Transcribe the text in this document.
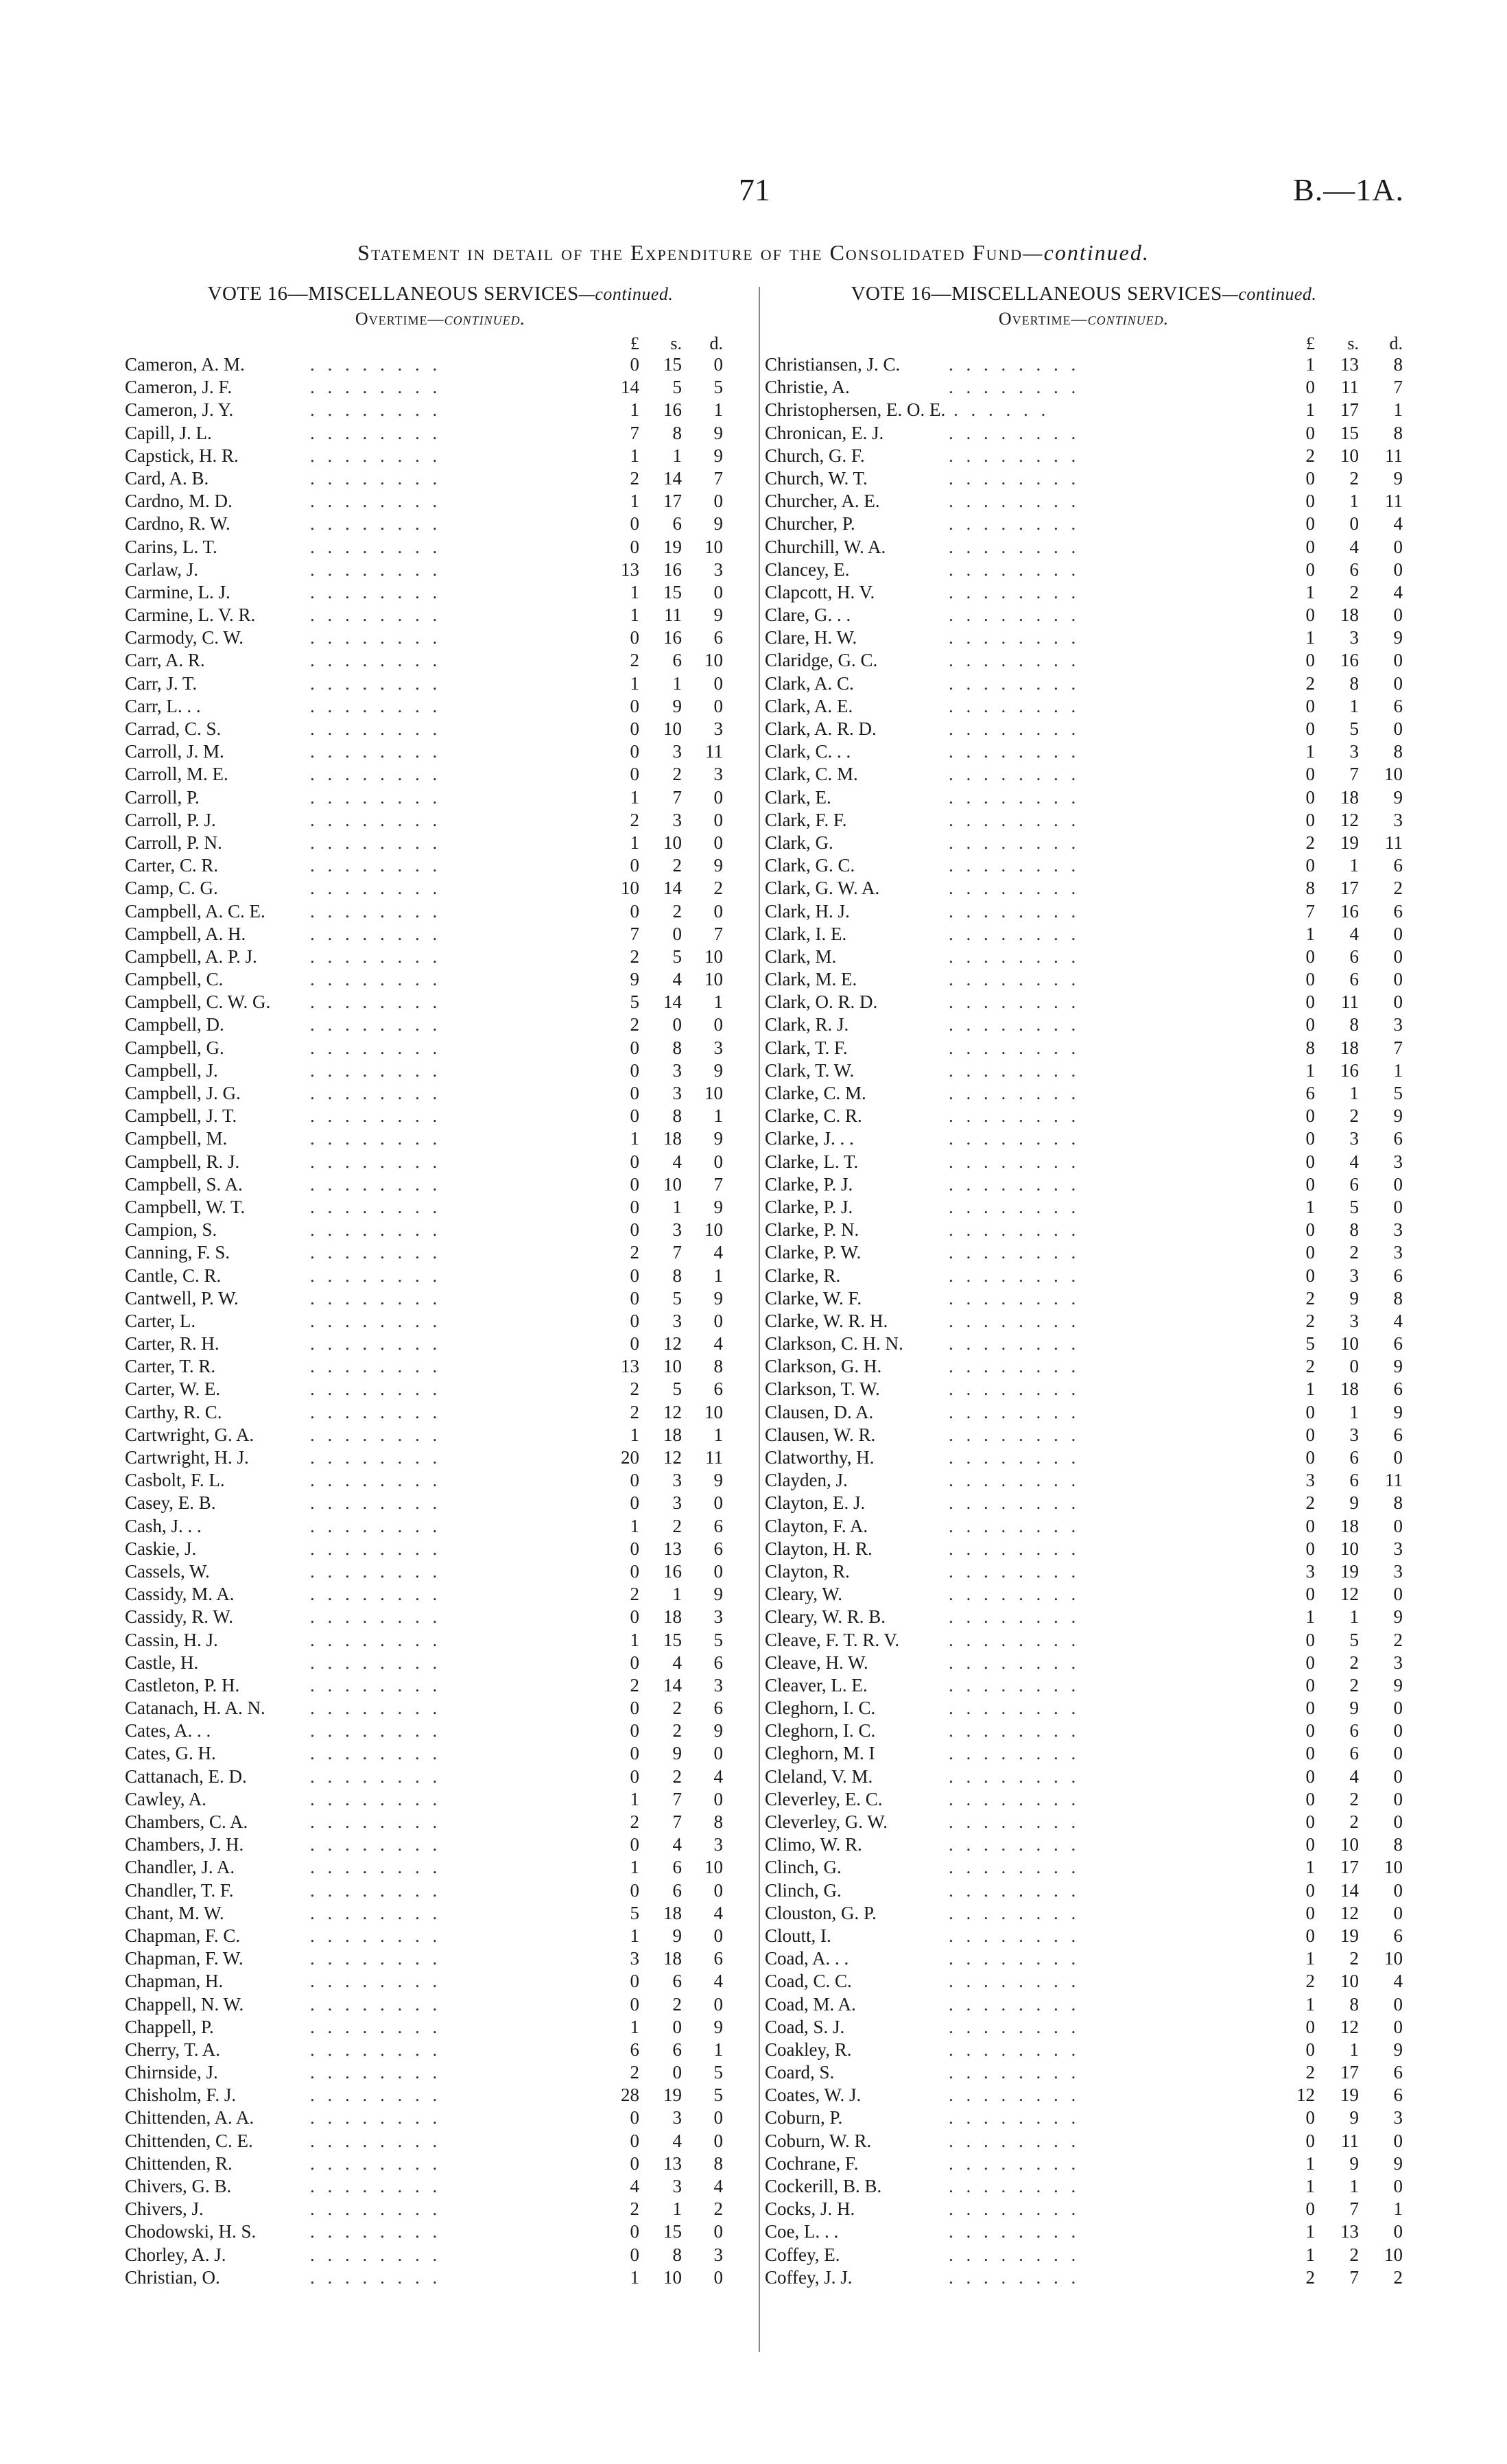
71	B.—1A.
Statement in detail of the Expenditure of the Consolidated Fund—continued.
VOTE 16—MISCELLANEOUS SERVICES—continued.
Overtime—continued.
£	s.	d.
Cameron, A. M.	0	15	0
. . . . . . . .
Cameron, J. F.	14	5	5
. . . . . . . .
Cameron, J. Y.	1	16	1
. . . . . . . .
Capill, J. L.	7	8	9
. . . . . . . .
Capstick, H. R.	1	1	9
. . . . . . . .
Card, A. B.	2	14	7
. . . . . . . .
Cardno, M. D.	1	17	0
. . . . . . . .
Cardno, R. W.	0	6	9
. . . . . . . .
Carins, L. T.	0	19	10
. . . . . . . .
Carlaw, J.	13	16	3
. . . . . . . .
Carmine, L. J.	1	15	0
. . . . . . . .
Carmine, L. V. R.	1	11	9
. . . . . . . .
Carmody, C. W.	0	16	6
. . . . . . . .
Carr, A. R.	2	6	10
. . . . . . . .
Carr, J. T.	1	1	0
. . . . . . . .
Carr, L. . .	0	9	0
. . . . . . . .
Carrad, C. S.	0	10	3
. . . . . . . .
Carroll, J. M.	0	3	11
. . . . . . . .
Carroll, M. E.	0	2	3
. . . . . . . .
Carroll, P.	1	7	0
. . . . . . . .
Carroll, P. J.	2	3	0
. . . . . . . .
Carroll, P. N.	1	10	0
. . . . . . . .
Carter, C. R.	0	2	9
. . . . . . . .
Camp, C. G.	10	14	2
. . . . . . . .
Campbell, A. C. E.	0	2	0
. . . . . . . .
Campbell, A. H.	7	0	7
. . . . . . . .
Campbell, A. P. J.	2	5	10
. . . . . . . .
Campbell, C.	9	4	10
. . . . . . . .
Campbell, C. W. G.	5	14	1
. . . . . . . .
Campbell, D.	2	0	0
. . . . . . . .
Campbell, G.	0	8	3
. . . . . . . .
Campbell, J.	0	3	9
. . . . . . . .
Campbell, J. G.	0	3	10
. . . . . . . .
Campbell, J. T.	0	8	1
. . . . . . . .
Campbell, M.	1	18	9
. . . . . . . .
Campbell, R. J.	0	4	0
. . . . . . . .
Campbell, S. A.	0	10	7
. . . . . . . .
Campbell, W. T.	0	1	9
. . . . . . . .
Campion, S.	0	3	10
. . . . . . . .
Canning, F. S.	2	7	4
. . . . . . . .
Cantle, C. R.	0	8	1
. . . . . . . .
Cantwell, P. W.	0	5	9
. . . . . . . .
Carter, L.	0	3	0
. . . . . . . .
Carter, R. H.	0	12	4
. . . . . . . .
Carter, T. R.	13	10	8
. . . . . . . .
Carter, W. E.	2	5	6
. . . . . . . .
Carthy, R. C.	2	12	10
. . . . . . . .
Cartwright, G. A.	1	18	1
. . . . . . . .
Cartwright, H. J.	20	12	11
. . . . . . . .
Casbolt, F. L.	0	3	9
. . . . . . . .
Casey, E. B.	0	3	0
. . . . . . . .
Cash, J. . .	1	2	6
. . . . . . . .
Caskie, J.	0	13	6
. . . . . . . .
Cassels, W.	0	16	0
. . . . . . . .
Cassidy, M. A.	2	1	9
. . . . . . . .
Cassidy, R. W.	0	18	3
. . . . . . . .
Cassin, H. J.	1	15	5
. . . . . . . .
Castle, H.	0	4	6
. . . . . . . .
Castleton, P. H.	2	14	3
. . . . . . . .
Catanach, H. A. N.	0	2	6
. . . . . . . .
Cates, A. . .	0	2	9
. . . . . . . .
Cates, G. H.	0	9	0
. . . . . . . .
Cattanach, E. D.	0	2	4
. . . . . . . .
Cawley, A.	1	7	0
. . . . . . . .
Chambers, C. A.	2	7	8
. . . . . . . .
Chambers, J. H.	0	4	3
. . . . . . . .
Chandler, J. A.	1	6	10
. . . . . . . .
Chandler, T. F.	0	6	0
. . . . . . . .
Chant, M. W.	5	18	4
. . . . . . . .
Chapman, F. C.	1	9	0
. . . . . . . .
Chapman, F. W.	3	18	6
. . . . . . . .
Chapman, H.	0	6	4
. . . . . . . .
Chappell, N. W.	0	2	0
. . . . . . . .
Chappell, P.	1	0	9
. . . . . . . .
Cherry, T. A.	6	6	1
. . . . . . . .
Chirnside, J.	2	0	5
. . . . . . . .
Chisholm, F. J.	28	19	5
. . . . . . . .
Chittenden, A. A.	0	3	0
. . . . . . . .
Chittenden, C. E.	0	4	0
. . . . . . . .
Chittenden, R.	0	13	8
. . . . . . . .
Chivers, G. B.	4	3	4
. . . . . . . .
Chivers, J.	2	1	2
. . . . . . . .
Chodowski, H. S.	0	15	0
. . . . . . . .
Chorley, A. J.	0	8	3
. . . . . . . .
Christian, O.	1	10	0
. . . . . . . .
VOTE 16—MISCELLANEOUS SERVICES—continued.
Overtime—continued.
£	s.	d.
Christiansen, J. C.	1	13	8
. . . . . . . .
Christie, A.	0	11	7
. . . . . . . .
Christophersen, E. O. E.	1	17	1
. . . . . .
Chronican, E. J.	0	15	8
. . . . . . . .
Church, G. F.	2	10	11
. . . . . . . .
Church, W. T.	0	2	9
. . . . . . . .
Churcher, A. E.	0	1	11
. . . . . . . .
Churcher, P.	0	0	4
. . . . . . . .
Churchill, W. A.	0	4	0
. . . . . . . .
Clancey, E.	0	6	0
. . . . . . . .
Clapcott, H. V.	1	2	4
. . . . . . . .
Clare, G. . .	0	18	0
. . . . . . . .
Clare, H. W.	1	3	9
. . . . . . . .
Claridge, G. C.	0	16	0
. . . . . . . .
Clark, A. C.	2	8	0
. . . . . . . .
Clark, A. E.	0	1	6
. . . . . . . .
Clark, A. R. D.	0	5	0
. . . . . . . .
Clark, C. . .	1	3	8
. . . . . . . .
Clark, C. M.	0	7	10
. . . . . . . .
Clark, E.	0	18	9
. . . . . . . .
Clark, F. F.	0	12	3
. . . . . . . .
Clark, G.	2	19	11
. . . . . . . .
Clark, G. C.	0	1	6
. . . . . . . .
Clark, G. W. A.	8	17	2
. . . . . . . .
Clark, H. J.	7	16	6
. . . . . . . .
Clark, I. E.	1	4	0
. . . . . . . .
Clark, M.	0	6	0
. . . . . . . .
Clark, M. E.	0	6	0
. . . . . . . .
Clark, O. R. D.	0	11	0
. . . . . . . .
Clark, R. J.	0	8	3
. . . . . . . .
Clark, T. F.	8	18	7
. . . . . . . .
Clark, T. W.	1	16	1
. . . . . . . .
Clarke, C. M.	6	1	5
. . . . . . . .
Clarke, C. R.	0	2	9
. . . . . . . .
Clarke, J. . .	0	3	6
. . . . . . . .
Clarke, L. T.	0	4	3
. . . . . . . .
Clarke, P. J.	0	6	0
. . . . . . . .
Clarke, P. J.	1	5	0
. . . . . . . .
Clarke, P. N.	0	8	3
. . . . . . . .
Clarke, P. W.	0	2	3
. . . . . . . .
Clarke, R.	0	3	6
. . . . . . . .
Clarke, W. F.	2	9	8
. . . . . . . .
Clarke, W. R. H.	2	3	4
. . . . . . . .
Clarkson, C. H. N.	5	10	6
. . . . . . . .
Clarkson, G. H.	2	0	9
. . . . . . . .
Clarkson, T. W.	1	18	6
. . . . . . . .
Clausen, D. A.	0	1	9
. . . . . . . .
Clausen, W. R.	0	3	6
. . . . . . . .
Clatworthy, H.	0	6	0
. . . . . . . .
Clayden, J.	3	6	11
. . . . . . . .
Clayton, E. J.	2	9	8
. . . . . . . .
Clayton, F. A.	0	18	0
. . . . . . . .
Clayton, H. R.	0	10	3
. . . . . . . .
Clayton, R.	3	19	3
. . . . . . . .
Cleary, W.	0	12	0
. . . . . . . .
Cleary, W. R. B.	1	1	9
. . . . . . . .
Cleave, F. T. R. V.	0	5	2
. . . . . . . .
Cleave, H. W.	0	2	3
. . . . . . . .
Cleaver, L. E.	0	2	9
. . . . . . . .
Cleghorn, I. C.	0	9	0
. . . . . . . .
Cleghorn, I. C.	0	6	0
. . . . . . . .
Cleghorn, M. I	0	6	0
. . . . . . . .
Cleland, V. M.	0	4	0
. . . . . . . .
Cleverley, E. C.	0	2	0
. . . . . . . .
Cleverley, G. W.	0	2	0
. . . . . . . .
Climo, W. R.	0	10	8
. . . . . . . .
Clinch, G.	1	17	10
. . . . . . . .
Clinch, G.	0	14	0
. . . . . . . .
Clouston, G. P.	0	12	0
. . . . . . . .
Cloutt, I.	0	19	6
. . . . . . . .
Coad, A. . .	1	2	10
. . . . . . . .
Coad, C. C.	2	10	4
. . . . . . . .
Coad, M. A.	1	8	0
. . . . . . . .
Coad, S. J.	0	12	0
. . . . . . . .
Coakley, R.	0	1	9
. . . . . . . .
Coard, S.	2	17	6
. . . . . . . .
Coates, W. J.	12	19	6
. . . . . . . .
Coburn, P.	0	9	3
. . . . . . . .
Coburn, W. R.	0	11	0
. . . . . . . .
Cochrane, F.	1	9	9
. . . . . . . .
Cockerill, B. B.	1	1	0
. . . . . . . .
Cocks, J. H.	0	7	1
. . . . . . . .
Coe, L. . .	1	13	0
. . . . . . . .
Coffey, E.	1	2	10
. . . . . . . .
Coffey, J. J.	2	7	2
. . . . . . . .
